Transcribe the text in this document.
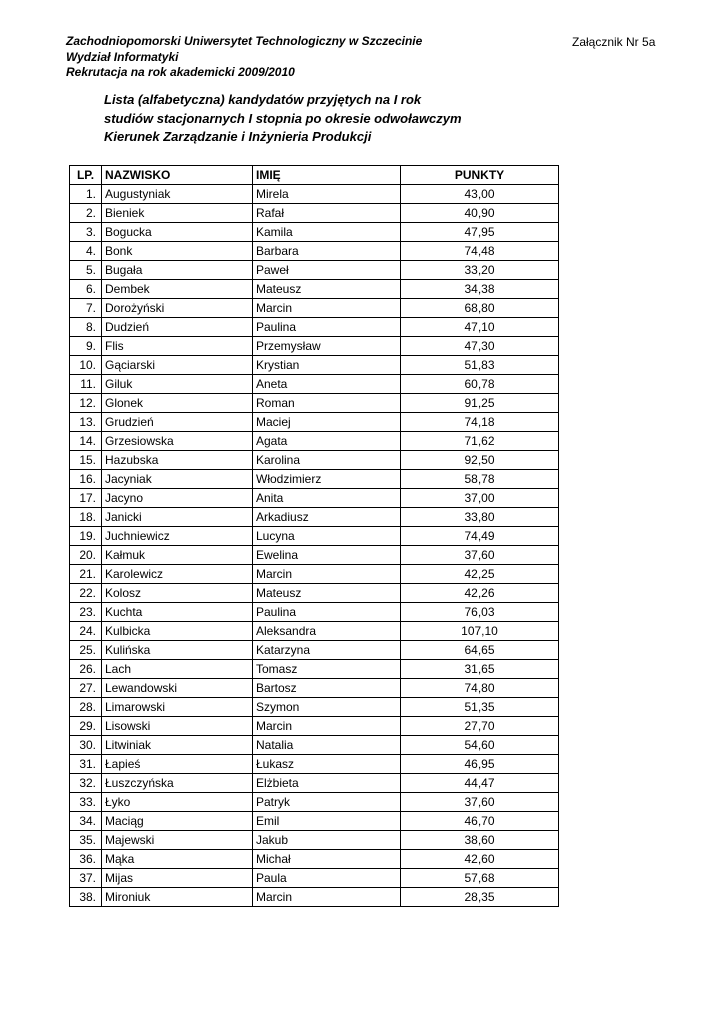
Zachodniopomorski Uniwersytet Technologiczny w Szczecinie
Wydział Informatyki
Rekrutacja na rok akademicki 2009/2010
Załącznik Nr 5a
Lista (alfabetyczna) kandydatów przyjętych na I rok
studiów stacjonarnych I stopnia po okresie odwoławczym
Kierunek Zarządzanie i Inżynieria Produkcji
LP.	NAZWISKO	IMIĘ	PUNKTY
1.	Augustyniak	Mirela	43,00
2.	Bieniek	Rafał	40,90
3.	Bogucka	Kamila	47,95
4.	Bonk	Barbara	74,48
5.	Bugała	Paweł	33,20
6.	Dembek	Mateusz	34,38
7.	Dorożyński	Marcin	68,80
8.	Dudzień	Paulina	47,10
9.	Flis	Przemysław	47,30
10.	Gąciarski	Krystian	51,83
11.	Giluk	Aneta	60,78
12.	Glonek	Roman	91,25
13.	Grudzień	Maciej	74,18
14.	Grzesiowska	Agata	71,62
15.	Hazubska	Karolina	92,50
16.	Jacyniak	Włodzimierz	58,78
17.	Jacyno	Anita	37,00
18.	Janicki	Arkadiusz	33,80
19.	Juchniewicz	Lucyna	74,49
20.	Kałmuk	Ewelina	37,60
21.	Karolewicz	Marcin	42,25
22.	Kolosz	Mateusz	42,26
23.	Kuchta	Paulina	76,03
24.	Kulbicka	Aleksandra	107,10
25.	Kulińska	Katarzyna	64,65
26.	Lach	Tomasz	31,65
27.	Lewandowski	Bartosz	74,80
28.	Limarowski	Szymon	51,35
29.	Lisowski	Marcin	27,70
30.	Litwiniak	Natalia	54,60
31.	Łapieś	Łukasz	46,95
32.	Łuszczyńska	Elżbieta	44,47
33.	Łyko	Patryk	37,60
34.	Maciąg	Emil	46,70
35.	Majewski	Jakub	38,60
36.	Mąka	Michał	42,60
37.	Mijas	Paula	57,68
38.	Mironiuk	Marcin	28,35
